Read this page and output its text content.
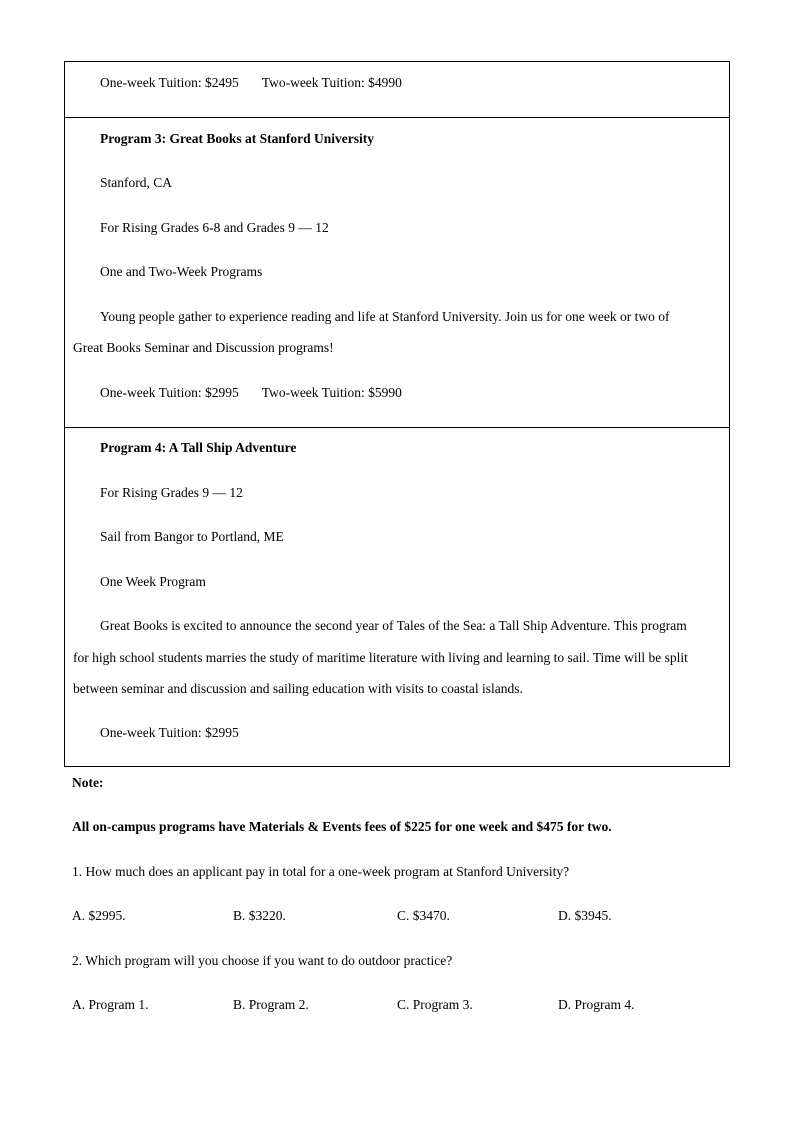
One-week Tuition: $2495 Two-week Tuition: $4990
Program 3: Great Books at Stanford University
Stanford, CA
For Rising Grades 6-8 and Grades 9 — 12
One and Two-Week Programs
Young people gather to experience reading and life at Stanford University. Join us for one week or two of
Great Books Seminar and Discussion programs!
One-week Tuition: $2995 Two-week Tuition: $5990
Program 4: A Tall Ship Adventure
For Rising Grades 9 — 12
Sail from Bangor to Portland, ME
One Week Program
Great Books is excited to announce the second year of Tales of the Sea: a Tall Ship Adventure. This program
for high school students marries the study of maritime literature with living and learning to sail. Time will be split
between seminar and discussion and sailing education with visits to coastal islands.
One-week Tuition: $2995
Note:
All on-campus programs have Materials & Events fees of $225 for one week and $475 for two.
1. How much does an applicant pay in total for a one-week program at Stanford University?
A. $2995.	B. $3220.	C. $3470.	D. $3945.
2. Which program will you choose if you want to do outdoor practice?
A. Program 1.	B. Program 2.	C. Program 3.	D. Program 4.
